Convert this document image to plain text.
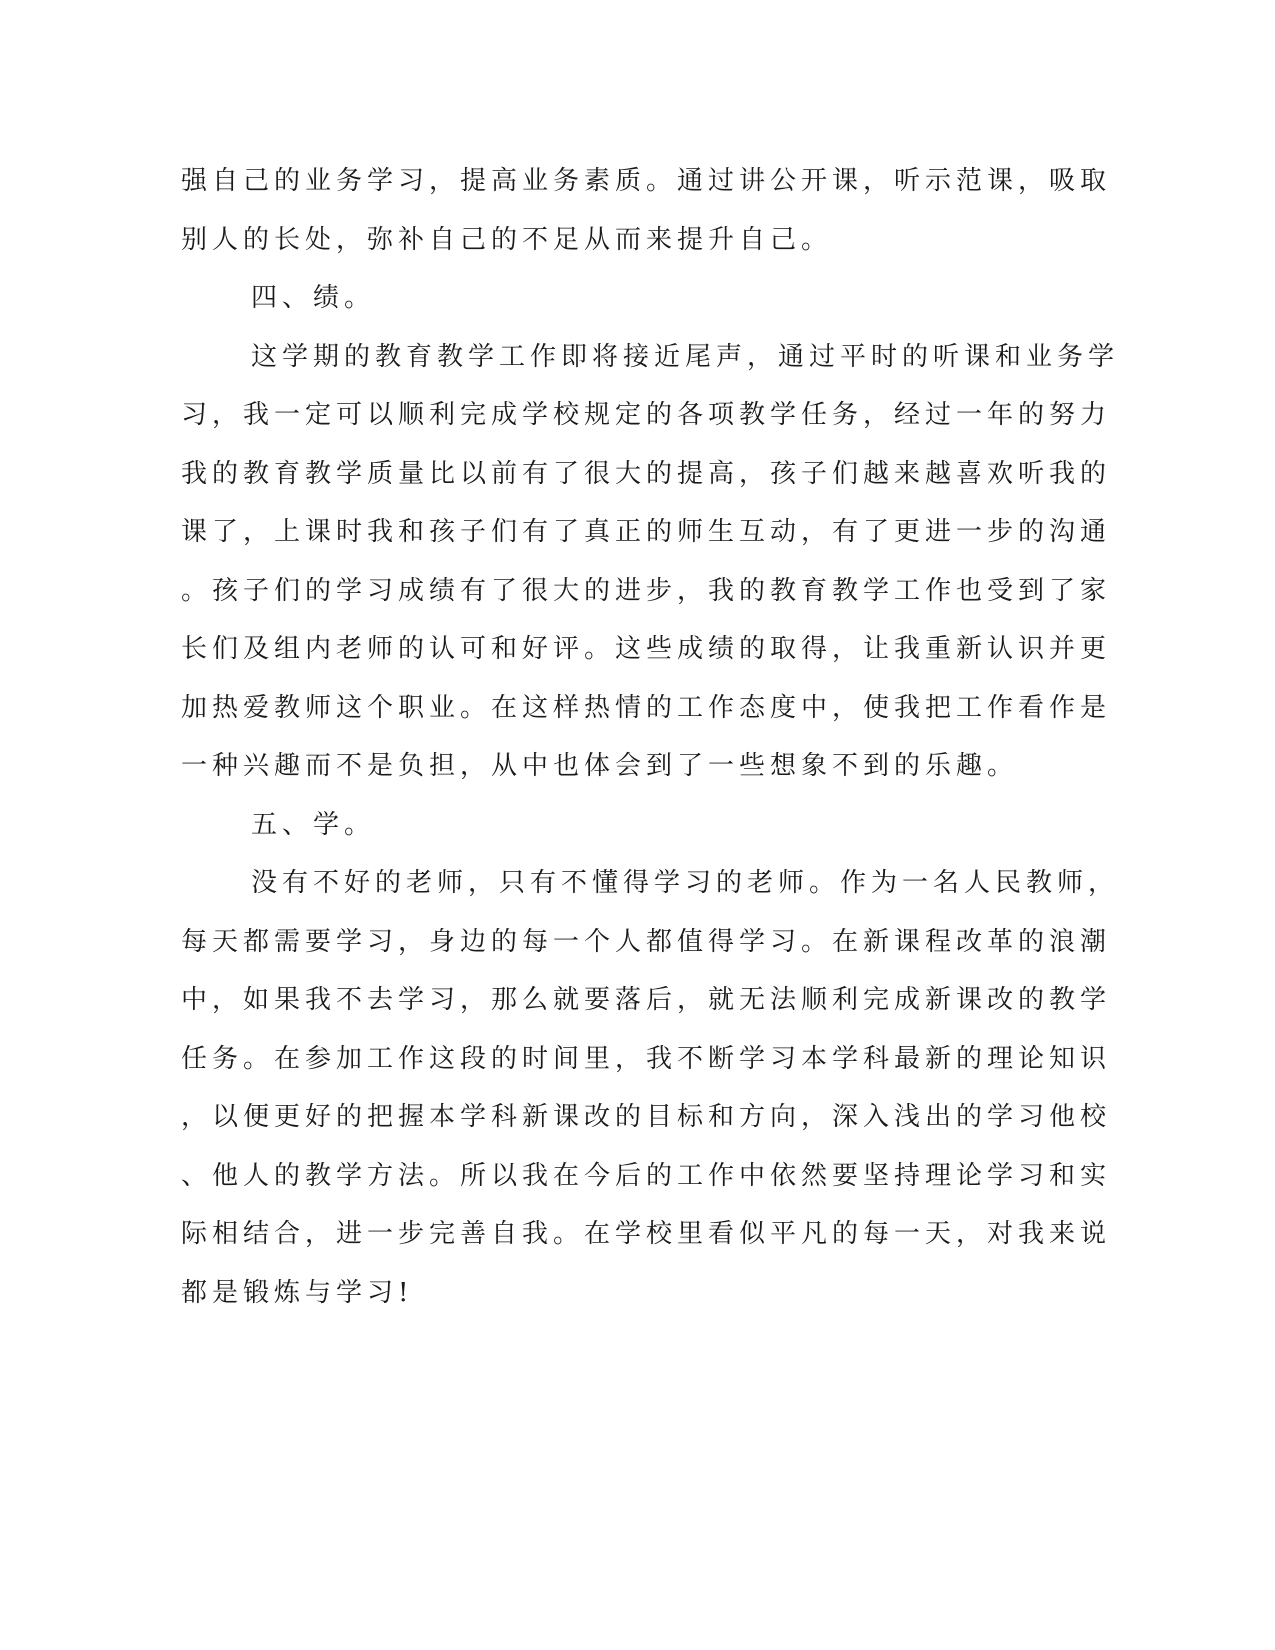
强自己的业务学习，提高业务素质。通过讲公开课，听示范课，吸取

别人的长处，弥补自己的不足从而来提升自己。

四、绩。

这学期的教育教学工作即将接近尾声，通过平时的听课和业务学

习，我一定可以顺利完成学校规定的各项教学任务，经过一年的努力

我的教育教学质量比以前有了很大的提高，孩子们越来越喜欢听我的

课了，上课时我和孩子们有了真正的师生互动，有了更进一步的沟通

。孩子们的学习成绩有了很大的进步，我的教育教学工作也受到了家

长们及组内老师的认可和好评。这些成绩的取得，让我重新认识并更

加热爱教师这个职业。在这样热情的工作态度中，使我把工作看作是

一种兴趣而不是负担，从中也体会到了一些想象不到的乐趣。

五、学。

没有不好的老师，只有不懂得学习的老师。作为一名人民教师，

每天都需要学习，身边的每一个人都值得学习。在新课程改革的浪潮

中，如果我不去学习，那么就要落后，就无法顺利完成新课改的教学

任务。在参加工作这段的时间里，我不断学习本学科最新的理论知识

，以便更好的把握本学科新课改的目标和方向，深入浅出的学习他校

、他人的教学方法。所以我在今后的工作中依然要坚持理论学习和实

际相结合，进一步完善自我。在学校里看似平凡的每一天，对我来说

都是锻炼与学习!
